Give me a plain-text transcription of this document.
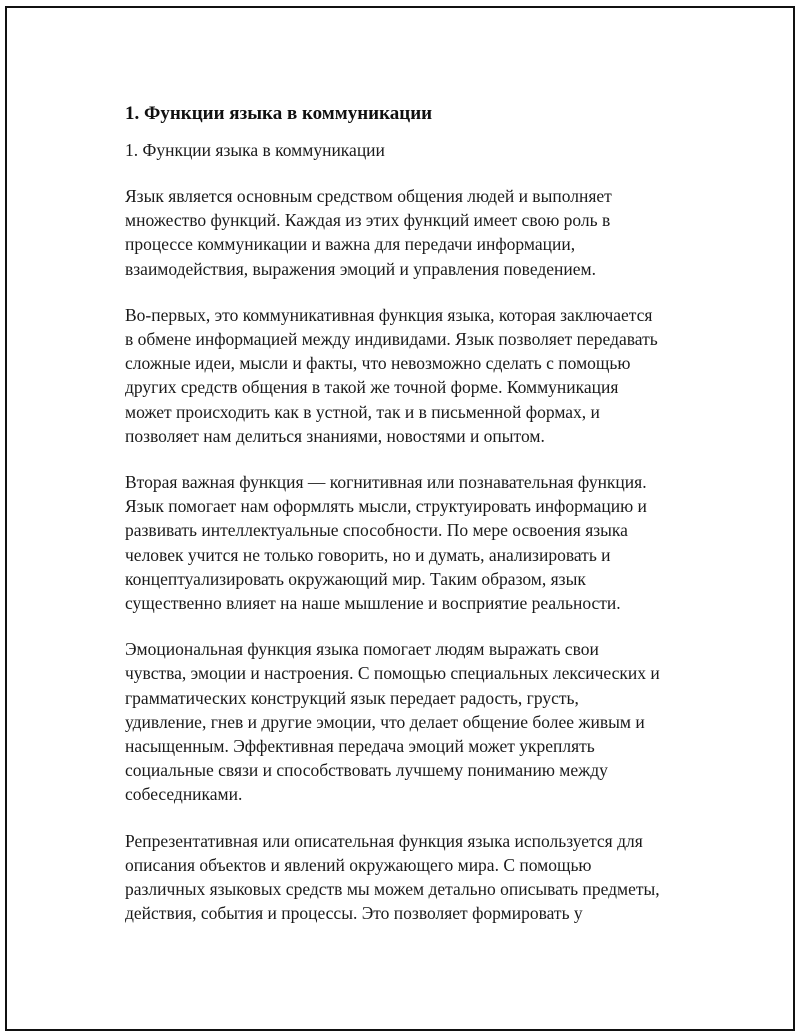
1. Функции языка в коммуникации
1. Функции языка в коммуникации
Язык является основным средством общения людей и выполняет
множество функций. Каждая из этих функций имеет свою роль в
процессе коммуникации и важна для передачи информации,
взаимодействия, выражения эмоций и управления поведением.
Во-первых, это коммуникативная функция языка, которая заключается
в обмене информацией между индивидами. Язык позволяет передавать
сложные идеи, мысли и факты, что невозможно сделать с помощью
других средств общения в такой же точной форме. Коммуникация
может происходить как в устной, так и в письменной формах, и
позволяет нам делиться знаниями, новостями и опытом.
Вторая важная функция — когнитивная или познавательная функция.
Язык помогает нам оформлять мысли, структуировать информацию и
развивать интеллектуальные способности. По мере освоения языка
человек учится не только говорить, но и думать, анализировать и
концептуализировать окружающий мир. Таким образом, язык
существенно влияет на наше мышление и восприятие реальности.
Эмоциональная функция языка помогает людям выражать свои
чувства, эмоции и настроения. С помощью специальных лексических и
грамматических конструкций язык передает радость, грусть,
удивление, гнев и другие эмоции, что делает общение более живым и
насыщенным. Эффективная передача эмоций может укреплять
социальные связи и способствовать лучшему пониманию между
собеседниками.
Репрезентативная или описательная функция языка используется для
описания объектов и явлений окружающего мира. С помощью
различных языковых средств мы можем детально описывать предметы,
действия, события и процессы. Это позволяет формировать у
